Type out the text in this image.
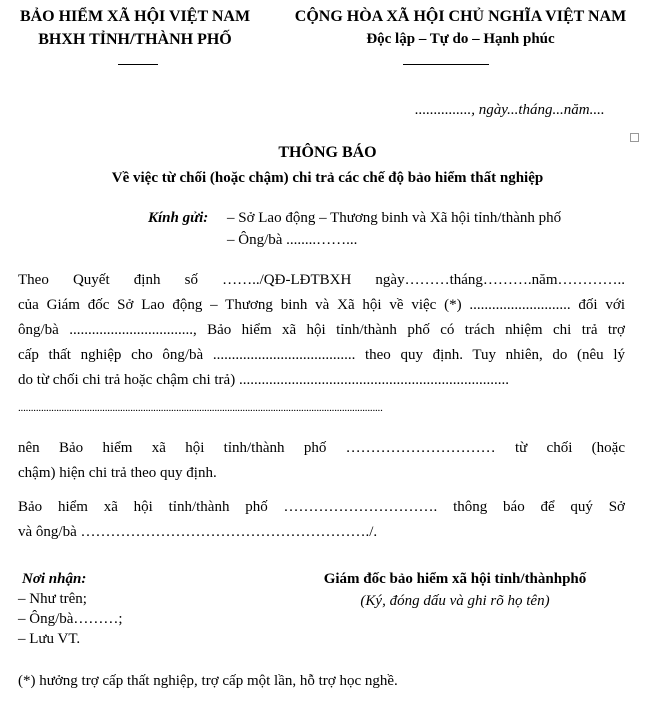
BẢO HIỂM XÃ HỘI VIỆT NAM
BHXH TỈNH/THÀNH PHỐ
CỘNG HÒA XÃ HỘI CHỦ NGHĨA VIỆT NAM
Độc lập – Tự do – Hạnh phúc
..............., ngày...tháng...năm....
THÔNG BÁO
Về việc từ chối (hoặc chậm) chi trả các chế độ bảo hiểm thất nghiệp
Kính gửi: – Sở Lao động – Thương binh và Xã hội tỉnh/thành phố
– Ông/bà ........……...
Theo Quyết định số ……../QĐ-LĐTBXH ngày………tháng……….năm…………..
của Giám đốc Sở Lao động – Thương binh và Xã hội về việc (*) ........................... đối với
ông/bà ................................., Bảo hiểm xã hội tỉnh/thành phố có trách nhiệm chi trả trợ
cấp thất nghiệp cho ông/bà ...................................... theo quy định. Tuy nhiên, do (nêu lý
do từ chối chi trả hoặc chậm chi trả) ........................................................................
...............................................................................................................................................
nên Bảo hiểm xã hội tỉnh/thành phố ………………………… từ chối (hoặc
chậm) hiện chi trả theo quy định.
Bảo hiểm xã hội tỉnh/thành phố …………………………. thông báo để quý Sở
và ông/bà …………………………………………………./.
Nơi nhận:
– Như trên;
– Ông/bà………;
– Lưu VT.
Giám đốc bảo hiểm xã hội tỉnh/thànhphố
(Ký, đóng dấu và ghi rõ họ tên)
(*) hưởng trợ cấp thất nghiệp, trợ cấp một lần, hỗ trợ học nghề.
